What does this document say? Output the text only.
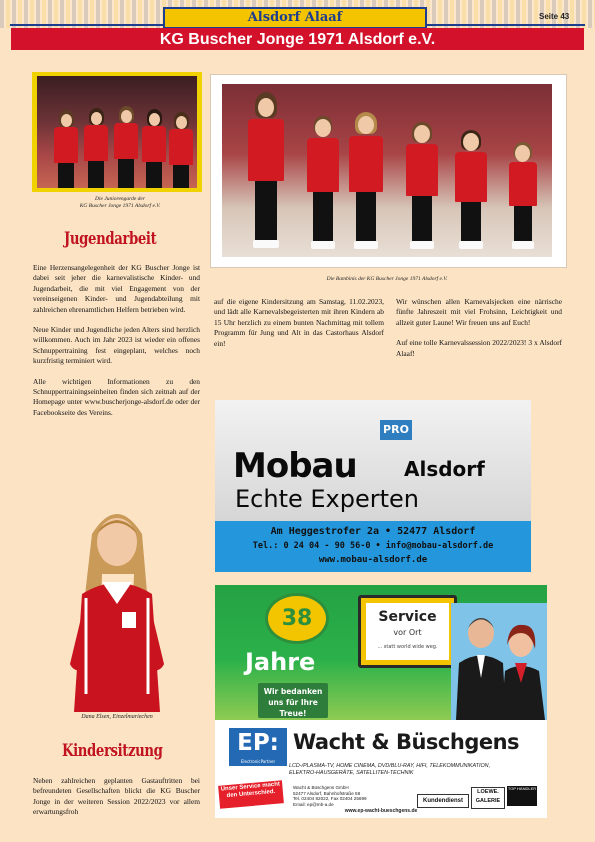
Alsdorf Alaaf	Seite 43
KG Buscher Jonge 1971 Alsdorf e.V.
Die Juniorengarde der
KG Buscher Jonge 1971 Alsdorf e.V.
Die Bambinis der KG Buscher Jonge 1971 Alsdorf e.V.
Jugendarbeit

Eine Herzensangelegenheit der KG Buscher Jonge ist dabei seit jeher die karnevalistische Kinder- und Jugendarbeit, die mit viel Engagement von der vereinseigenen Kinder- und Jugendabteilung mit zahlreichen ehrenamtlichen Helfern betrieben wird.

Neue Kinder und Jugendliche jeden Alters sind herzlich willkommen. Auch im Jahr 2023 ist wieder ein offenes Schnuppertraining fest eingeplant, welches noch kurzfristig terminiert wird.

Alle wichtigen Informationen zu den Schnuppertrainingseinheiten finden sich zeitnah auf der Homepage unter www.buscherjonge-alsdorf.de oder der Facebookseite des Vereins.

Dana Elsen, Einzelmariechen
Kindersitzung
Neben zahlreichen geplanten Gastauftritten bei befreundeten Gesellschaften blickt die KG Buscher Jonge in der weiteren Session 2022/2023 vor allem erwartungsfroh
auf die eigene Kindersitzung am Samstag, 11.02.2023, und lädt alle Karnevalsbegeisterten mit ihren Kindern ab 15 Uhr herzlich zu einem bunten Nachmittag mit tollem Programm für Jung und Alt in das Castorhaus Alsdorf ein!

Wir wünschen allen Karnevalsjecken eine närrische fünfte Jahreszeit mit viel Frohsinn, Leichtigkeit und allzeit guter Laune! Wir freuen uns auf Euch!

Auf eine tolle Karnevalssession 2022/2023! 3 x Alsdorf Alaaf!

PRO
Mobau Alsdorf
Echte Experten
Am Heggestrofer 2a • 52477 Alsdorf
Tel.: 0 24 04 - 90 56-0 • info@mobau-alsdorf.de
www.mobau-alsdorf.de
38
Jahre
Wir bedanken uns für Ihre Treue!
Service
vor Ort
... statt world wide weg.
EP:
ElectronicPartner
Wacht & Büschgens
LCD-/PLASMA-TV, HOME CINEMA, DVD/BLU-RAY, HIFI, TELEKOMMUNIKATION,
ELEKTRO-HAUSGERÄTE, SATELLITEN-TECHNIK
Unser Service macht den Unterschied.
Wacht & Büschgens GmbH
52477 Alsdorf, Bahnhofstraße 58
Tel. 02404 82022, Fax 02404 25699
Email: ep@mb-a.de
Kundendienst
LOEWE. GALERIE
TOP HÄNDLER
www.ep-wacht-bueschgens.de
